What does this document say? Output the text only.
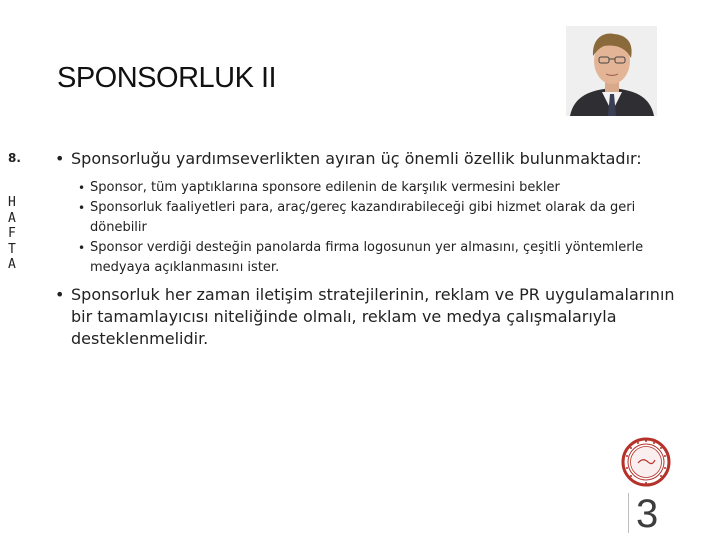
SPONSORLUK II
8.
H
A
F
T
A
• Sponsorluğu yardımseverlikten ayıran üç önemli özellik bulunmaktadır:
• Sponsor, tüm yaptıklarına sponsore edilenin de karşılık vermesini bekler
• Sponsorluk faaliyetleri para, araç/gereç kazandırabileceği gibi hizmet olarak da geri dönebilir
• Sponsor verdiği desteğin panolarda firma logosunun yer almasını, çeşitli yöntemlerle medyaya açıklanmasını ister.
• Sponsorluk her zaman iletişim stratejilerinin, reklam ve PR uygulamalarının bir tamamlayıcısı niteliğinde olmalı, reklam ve medya çalışmalarıyla desteklenmelidir.
3
